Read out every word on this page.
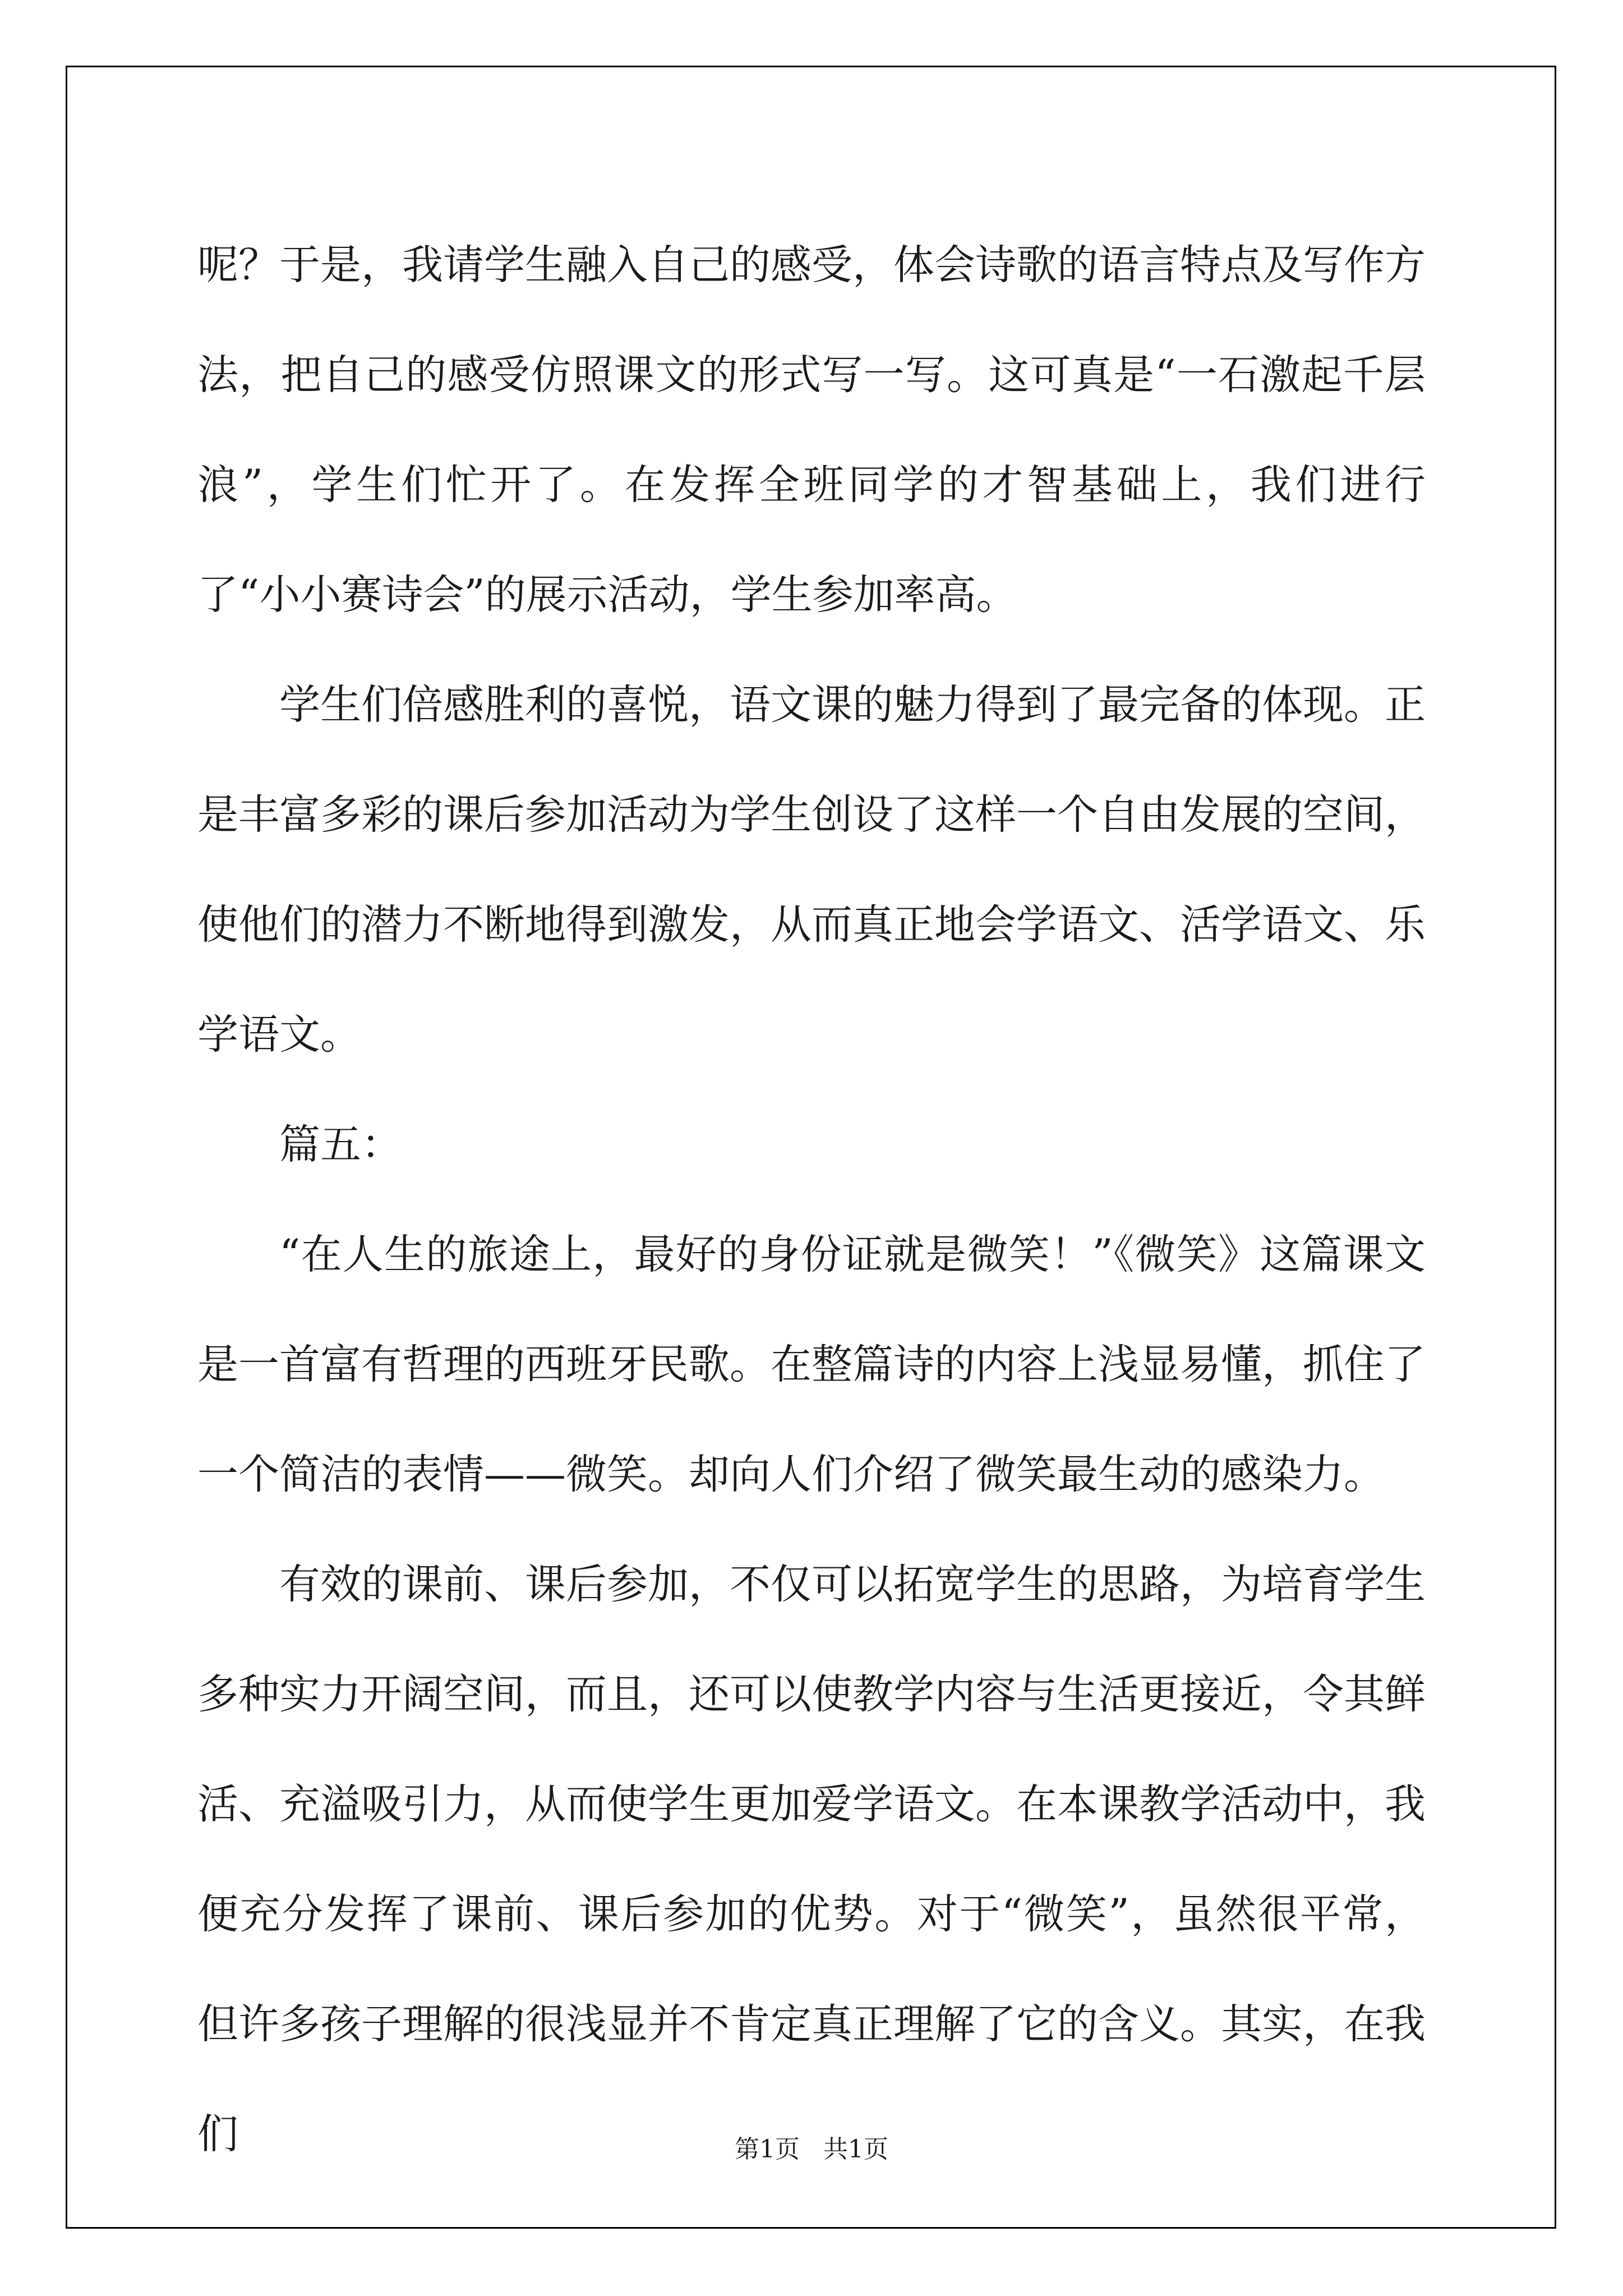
呢？于是，我请学生融入自己的感受，体会诗歌的语言特点及写作方法，把自己的感受仿照课文的形式写一写。这可真是“一石激起千层浪”，学生们忙开了。在发挥全班同学的才智基础上，我们进行了“小小赛诗会”的展示活动，学生参加率高。

学生们倍感胜利的喜悦，语文课的魅力得到了最完备的体现。正是丰富多彩的课后参加活动为学生创设了这样一个自由发展的空间，使他们的潜力不断地得到激发，从而真正地会学语文、活学语文、乐学语文。

篇五：

“在人生的旅途上，最好的身份证就是微笑！”《微笑》这篇课文是一首富有哲理的西班牙民歌。在整篇诗的内容上浅显易懂，抓住了一个简洁的表情——微笑。却向人们介绍了微笑最生动的感染力。

有效的课前、课后参加，不仅可以拓宽学生的思路，为培育学生多种实力开阔空间，而且，还可以使教学内容与生活更接近，令其鲜活、充溢吸引力，从而使学生更加爱学语文。在本课教学活动中，我便充分发挥了课前、课后参加的优势。对于“微笑”，虽然很平常，但许多孩子理解的很浅显并不肯定真正理解了它的含义。其实，在我们	第1页   共1页
